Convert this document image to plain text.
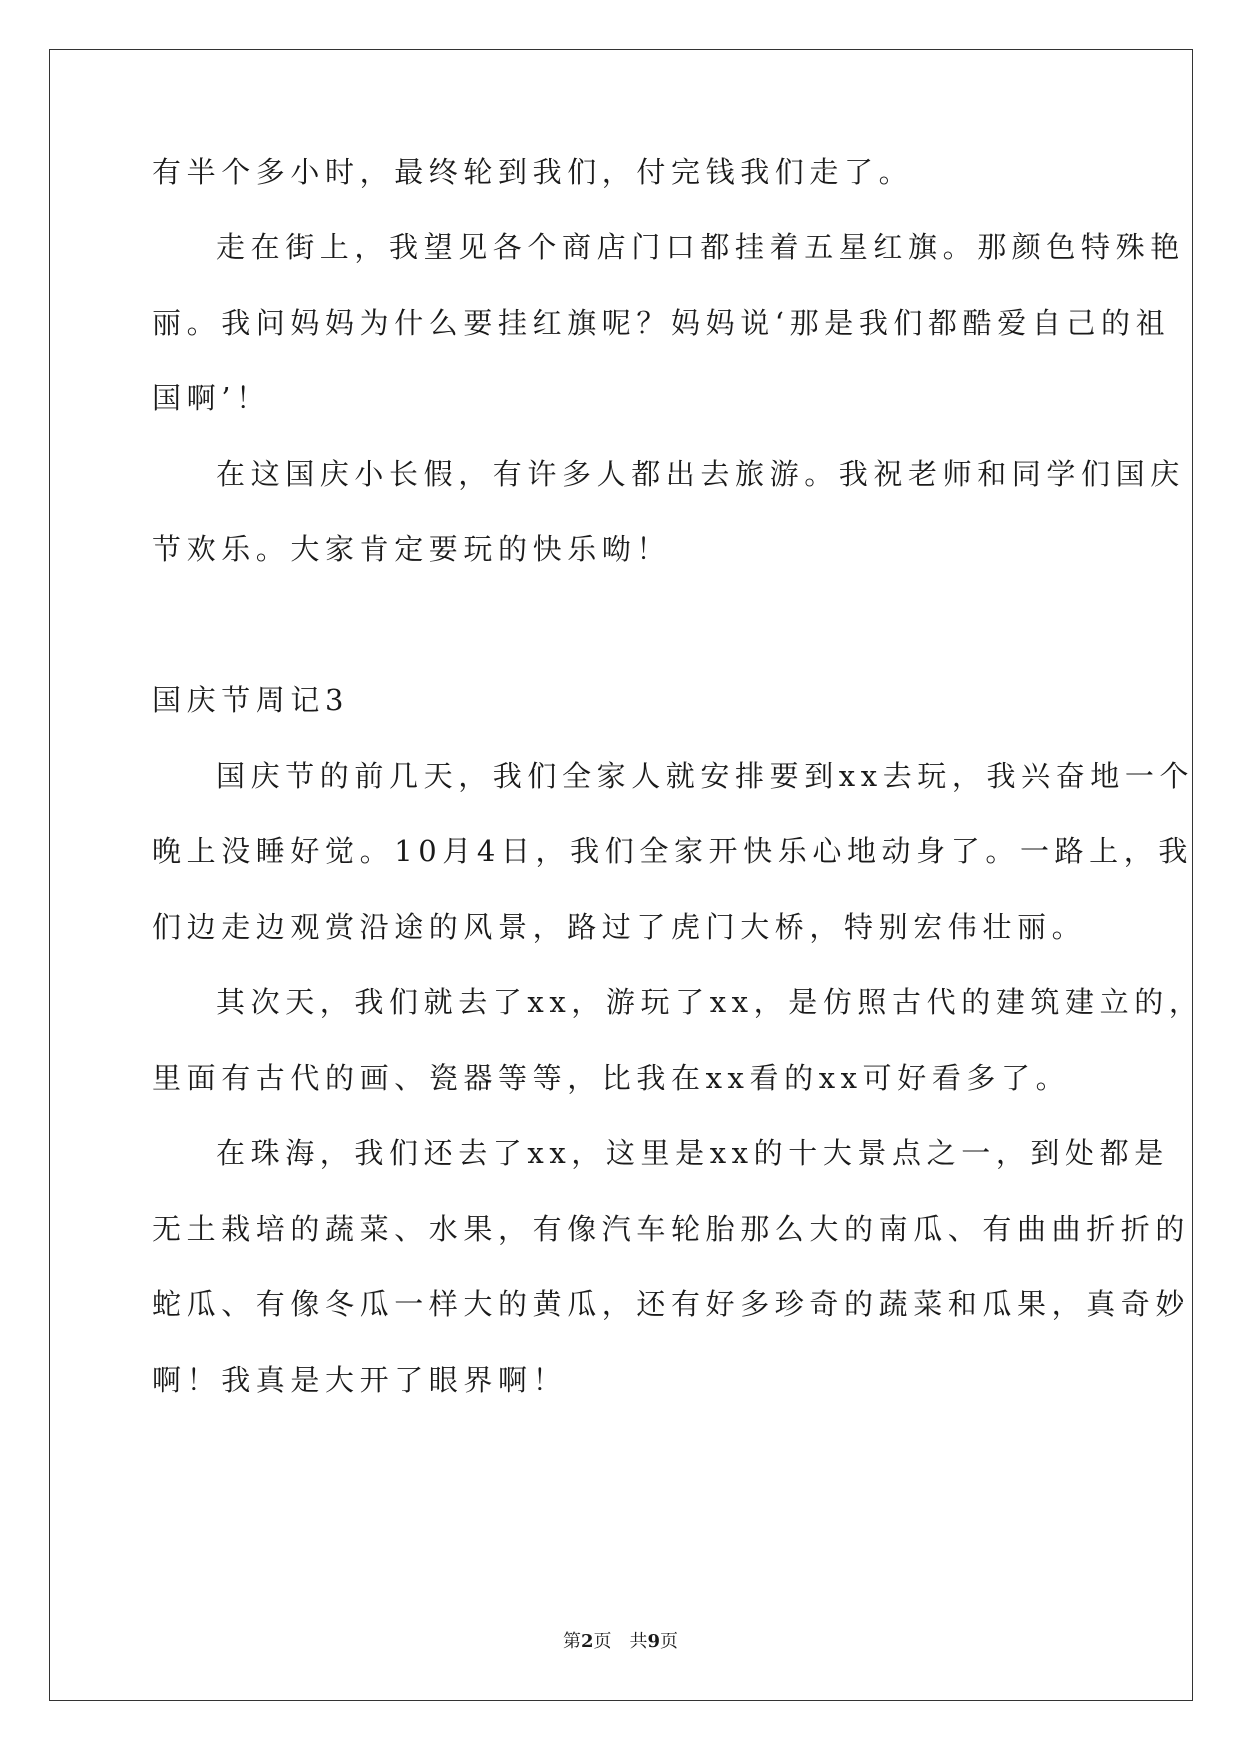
有半个多小时，最终轮到我们，付完钱我们走了。
走在街上，我望见各个商店门口都挂着五星红旗。那颜色特殊艳
丽。我问妈妈为什么要挂红旗呢？妈妈说‘那是我们都酷爱自己的祖
国啊’！
在这国庆小长假，有许多人都出去旅游。我祝老师和同学们国庆
节欢乐。大家肯定要玩的快乐呦！
国庆节周记3
国庆节的前几天，我们全家人就安排要到xx去玩，我兴奋地一个
晚上没睡好觉。10月4日，我们全家开快乐心地动身了。一路上，我
们边走边观赏沿途的风景，路过了虎门大桥，特别宏伟壮丽。
其次天，我们就去了xx，游玩了xx，是仿照古代的建筑建立的，
里面有古代的画、瓷器等等，比我在xx看的xx可好看多了。
在珠海，我们还去了xx，这里是xx的十大景点之一，到处都是
无土栽培的蔬菜、水果，有像汽车轮胎那么大的南瓜、有曲曲折折的
蛇瓜、有像冬瓜一样大的黄瓜，还有好多珍奇的蔬菜和瓜果，真奇妙
啊！我真是大开了眼界啊！
第2页　共9页
